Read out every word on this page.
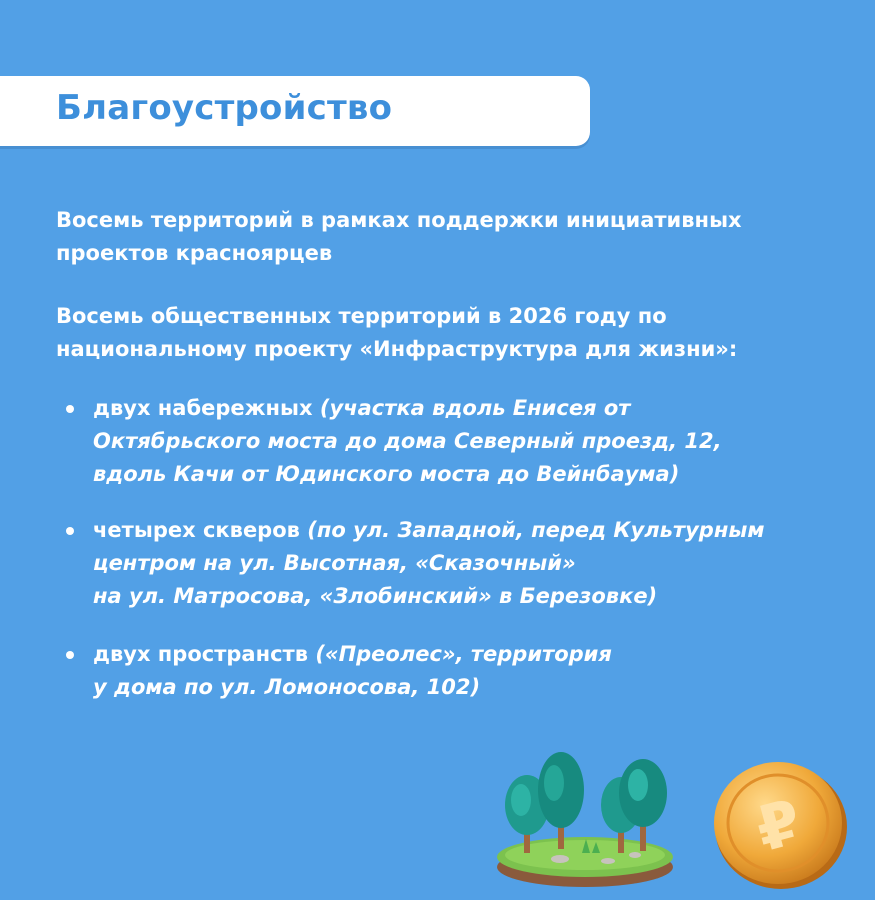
Благоустройство
Восемь территорий в рамках поддержки инициативных
проектов красноярцев
Восемь общественных территорий в 2026 году по
национальному проекту «Инфраструктура для жизни»:
двух набережных (участка вдоль Енисея от
Октябрьского моста до дома Северный проезд, 12,
вдоль Качи от Юдинского моста до Вейнбаума)
четырех скверов (по ул. Западной, перед Культурным
центром на ул. Высотная, «Сказочный»
на ул. Матросова, «Злобинский» в Березовке)
двух пространств («Преолес», территория
у дома по ул. Ломоносова, 102)
₽
